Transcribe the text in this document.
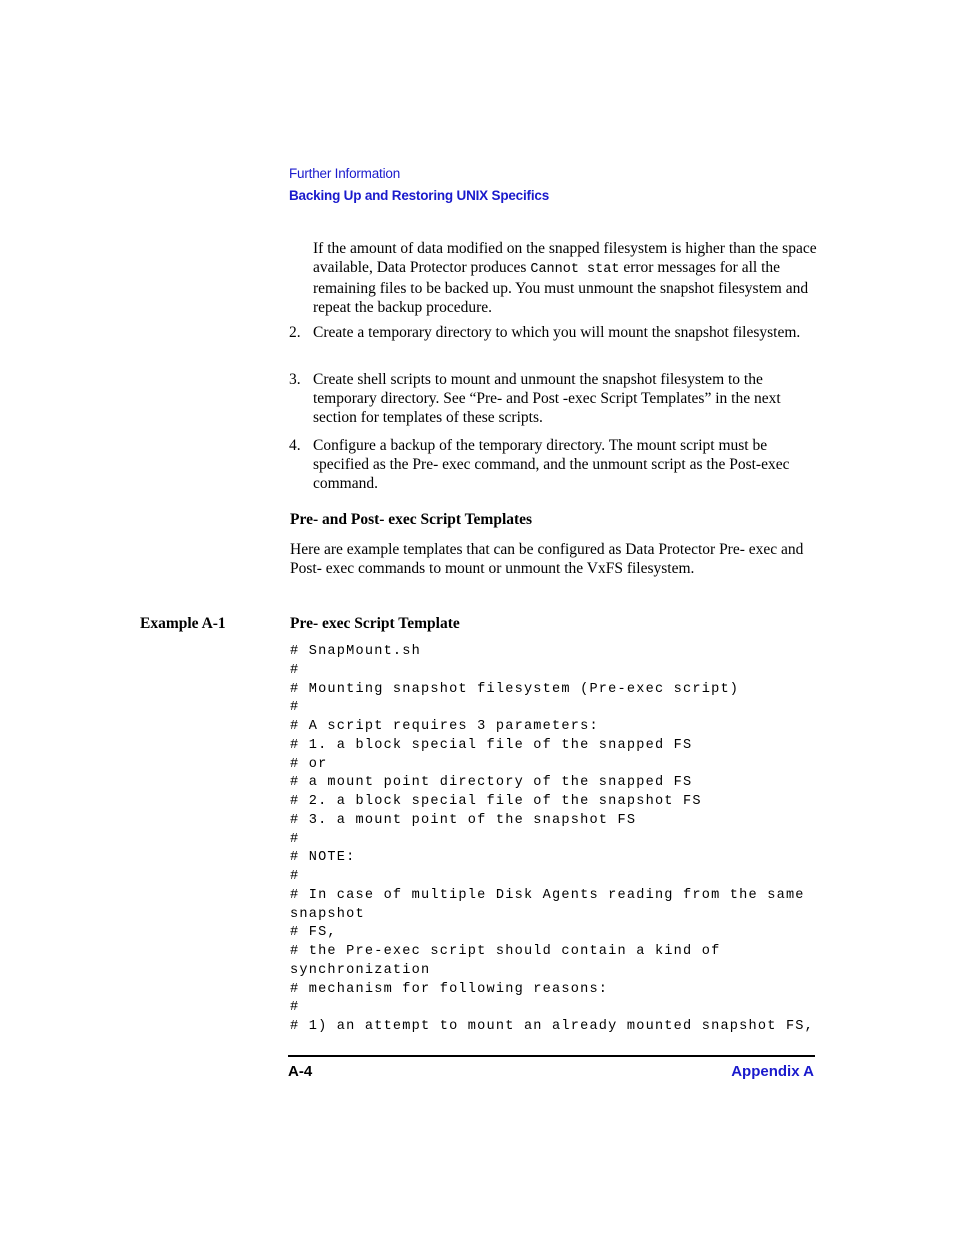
Further Information
Backing Up and Restoring UNIX Specifics

If the amount of data modified on the snapped filesystem is higher than the space available, Data Protector produces Cannot stat error messages for all the remaining files to be backed up. You must unmount the snapshot filesystem and repeat the backup procedure.

2. Create a temporary directory to which you will mount the snapshot filesystem.
3. Create shell scripts to mount and unmount the snapshot filesystem to the temporary directory. See “Pre- and Post -exec Script Templates” in the next section for templates of these scripts.
4. Configure a backup of the temporary directory. The mount script must be specified as the Pre- exec command, and the unmount script as the Post-exec command.
Pre- and Post- exec Script Templates

Here are example templates that can be configured as Data Protector Pre- exec and Post- exec commands to mount or unmount the VxFS filesystem.

Example A-1	Pre- exec Script Template
# SnapMount.sh
#
# Mounting snapshot filesystem (Pre-exec script)
#
# A script requires 3 parameters:
# 1. a block special file of the snapped FS
# or
# a mount point directory of the snapped FS
# 2. a block special file of the snapshot FS
# 3. a mount point of the snapshot FS
#
# NOTE:
#
# In case of multiple Disk Agents reading from the same
snapshot
# FS,
# the Pre-exec script should contain a kind of
synchronization
# mechanism for following reasons:
#
# 1) an attempt to mount an already mounted snapshot FS,
A-4	Appendix A
